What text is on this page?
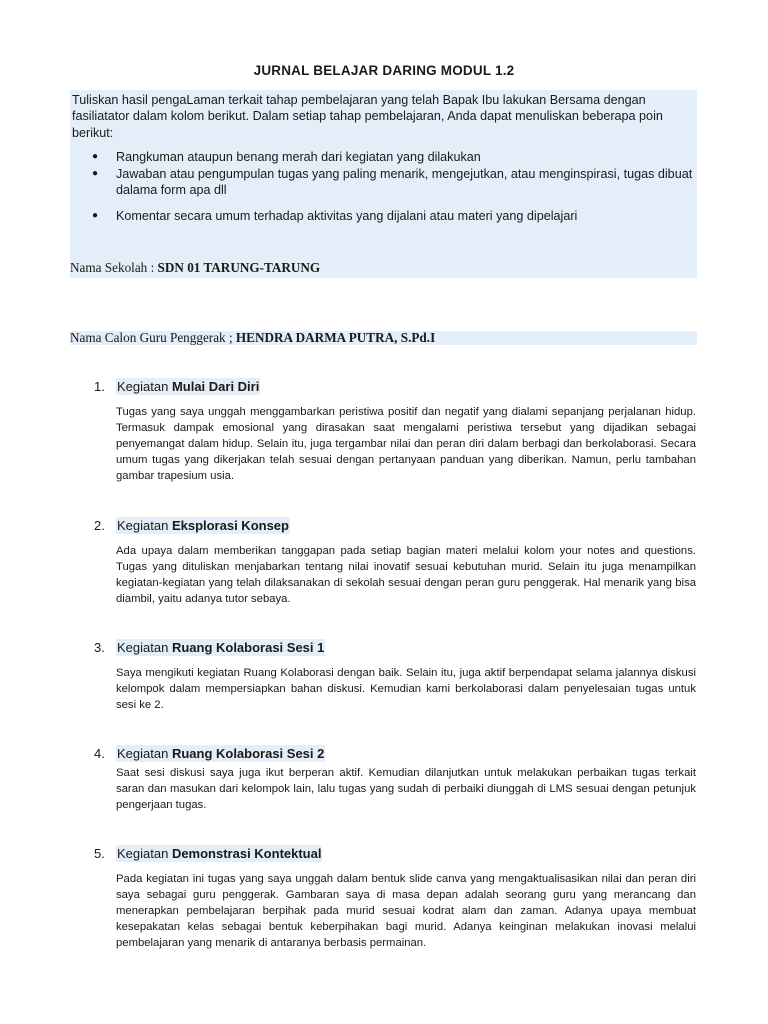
JURNAL BELAJAR DARING MODUL 1.2

Tuliskan hasil pengaLaman terkait tahap pembelajaran yang telah Bapak Ibu lakukan Bersama dengan fasiliatator dalam kolom berikut. Dalam setiap tahap pembelajaran, Anda dapat menuliskan beberapa poin berikut:

● Rangkuman ataupun benang merah dari kegiatan yang dilakukan
● Jawaban atau pengumpulan tugas yang paling menarik, mengejutkan, atau menginspirasi, tugas dibuat dalama form apa dll
● Komentar secara umum terhadap aktivitas yang dijalani atau materi yang dipelajari
Nama Sekolah : SDN 01 TARUNG-TARUNG
Nama Calon Guru Penggerak ; HENDRA DARMA PUTRA, S.Pd.I
1. Kegiatan Mulai Dari Diri

Tugas yang saya unggah menggambarkan peristiwa positif dan negatif yang dialami sepanjang perjalanan hidup. Termasuk dampak emosional yang dirasakan saat mengalami peristiwa tersebut yang dijadikan sebagai penyemangat dalam hidup. Selain itu, juga tergambar nilai dan peran diri dalam berbagi dan berkolaborasi. Secara umum tugas yang dikerjakan telah sesuai dengan pertanyaan panduan yang diberikan. Namun, perlu tambahan gambar trapesium usia.

2. Kegiatan Eksplorasi Konsep

Ada upaya dalam memberikan tanggapan pada setiap bagian materi melalui kolom your notes and questions. Tugas yang dituliskan menjabarkan tentang nilai inovatif sesuai kebutuhan murid. Selain itu juga menampilkan kegiatan-kegiatan yang telah dilaksanakan di sekolah sesuai dengan peran guru penggerak. Hal menarik yang bisa diambil, yaitu adanya tutor sebaya.

3. Kegiatan Ruang Kolaborasi Sesi 1

Saya mengikuti kegiatan Ruang Kolaborasi dengan baik. Selain itu, juga aktif berpendapat selama jalannya diskusi kelompok dalam mempersiapkan bahan diskusi. Kemudian kami berkolaborasi dalam penyelesaian tugas untuk sesi ke 2.

4. Kegiatan Ruang Kolaborasi Sesi 2

Saat sesi diskusi saya juga ikut berperan aktif. Kemudian dilanjutkan untuk melakukan perbaikan tugas terkait saran dan masukan dari kelompok lain, lalu tugas yang sudah di perbaiki diunggah di LMS sesuai dengan petunjuk pengerjaan tugas.

5. Kegiatan Demonstrasi Kontektual

Pada kegiatan ini tugas yang saya unggah dalam bentuk slide canva yang mengaktualisasikan nilai dan peran diri saya sebagai guru penggerak. Gambaran saya di masa depan adalah seorang guru yang merancang dan menerapkan pembelajaran berpihak pada murid sesuai kodrat alam dan zaman. Adanya upaya membuat kesepakatan kelas sebagai bentuk keberpihakan bagi murid. Adanya keinginan melakukan inovasi melalui pembelajaran yang menarik di antaranya berbasis permainan.
